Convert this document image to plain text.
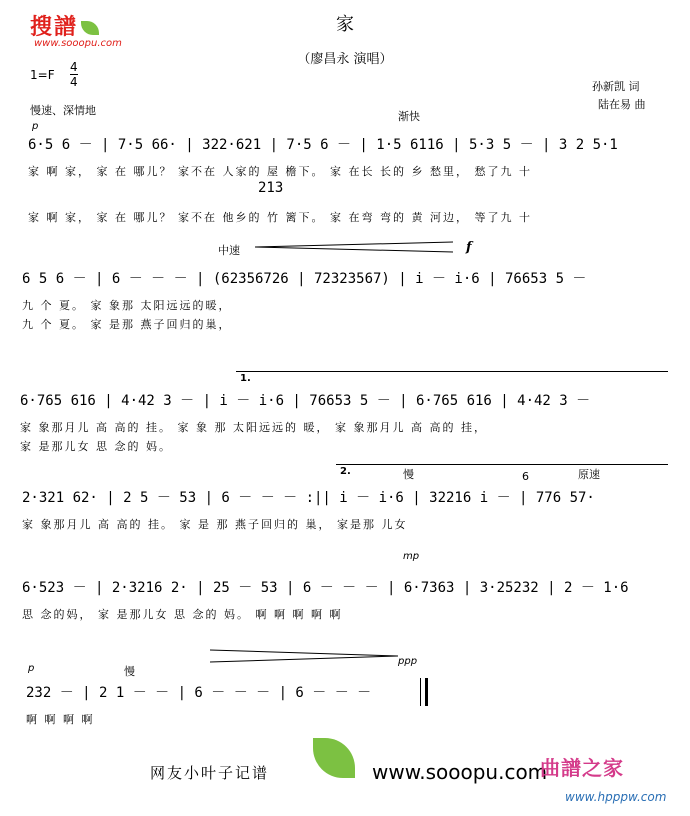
搜譜
www.sooopu.com
家
（廖昌永 演唱）
$1=F \frac{4}{4}$
慢速、深情地
孙新凯 词
陆在易 曲
p
渐快
6·5 6 － | 7·5 66· | 322·621 | 7·5 6 － | 1·5 6116 | 5·3 5 － | 3 2 5·1
家 啊 家， 家 在 哪儿？ 家不在 人家的 屋 檐下。 家 在长 长的 乡 愁里， 愁了九 十
213
家 啊 家， 家 在 哪儿？ 家不在 他乡的 竹 篱下。 家 在弯 弯的 黄 河边， 等了九 十
中速	f
6 5 6 － | 6 － － － | (62356726 | 72323567) | i － i·6 | 76653 5 －
九 个 夏。 家 象那 太阳远远的暖，
九 个 夏。 家 是那 燕子回归的巢，
1.
6·765 616 | 4·42 3 － | i － i·6 | 76653 5 － | 6·765 616 | 4·42 3 －
家 象那月儿 高 高的 挂。 家 象 那 太阳远远的 暖， 家 象那月儿 高 高的 挂，
家 是那儿女 思 念的 妈。
2.	慢	6	原速
2·321 62· | 2 5 － 53 | 6 － － － :|| i － i·6 | 32216 i － | 776 57·
家 象那月儿 高 高的 挂。 家 是 那 燕子回归的 巢， 家是那 儿女
mp
6·523 － | 2·3216 2· | 25 － 53 | 6 － － － | 6·7363 | 3·25232 | 2 － 1·6
思 念的妈， 家 是那儿女 思 念的 妈。 啊 啊 啊 啊 啊
p	慢
ppp
232 － | 2 1 － － | 6 － － － | 6 － － －
啊 啊 啊 啊
网友小叶子记谱	www.sooopu.com
曲譜之家
www.hpppw.com
